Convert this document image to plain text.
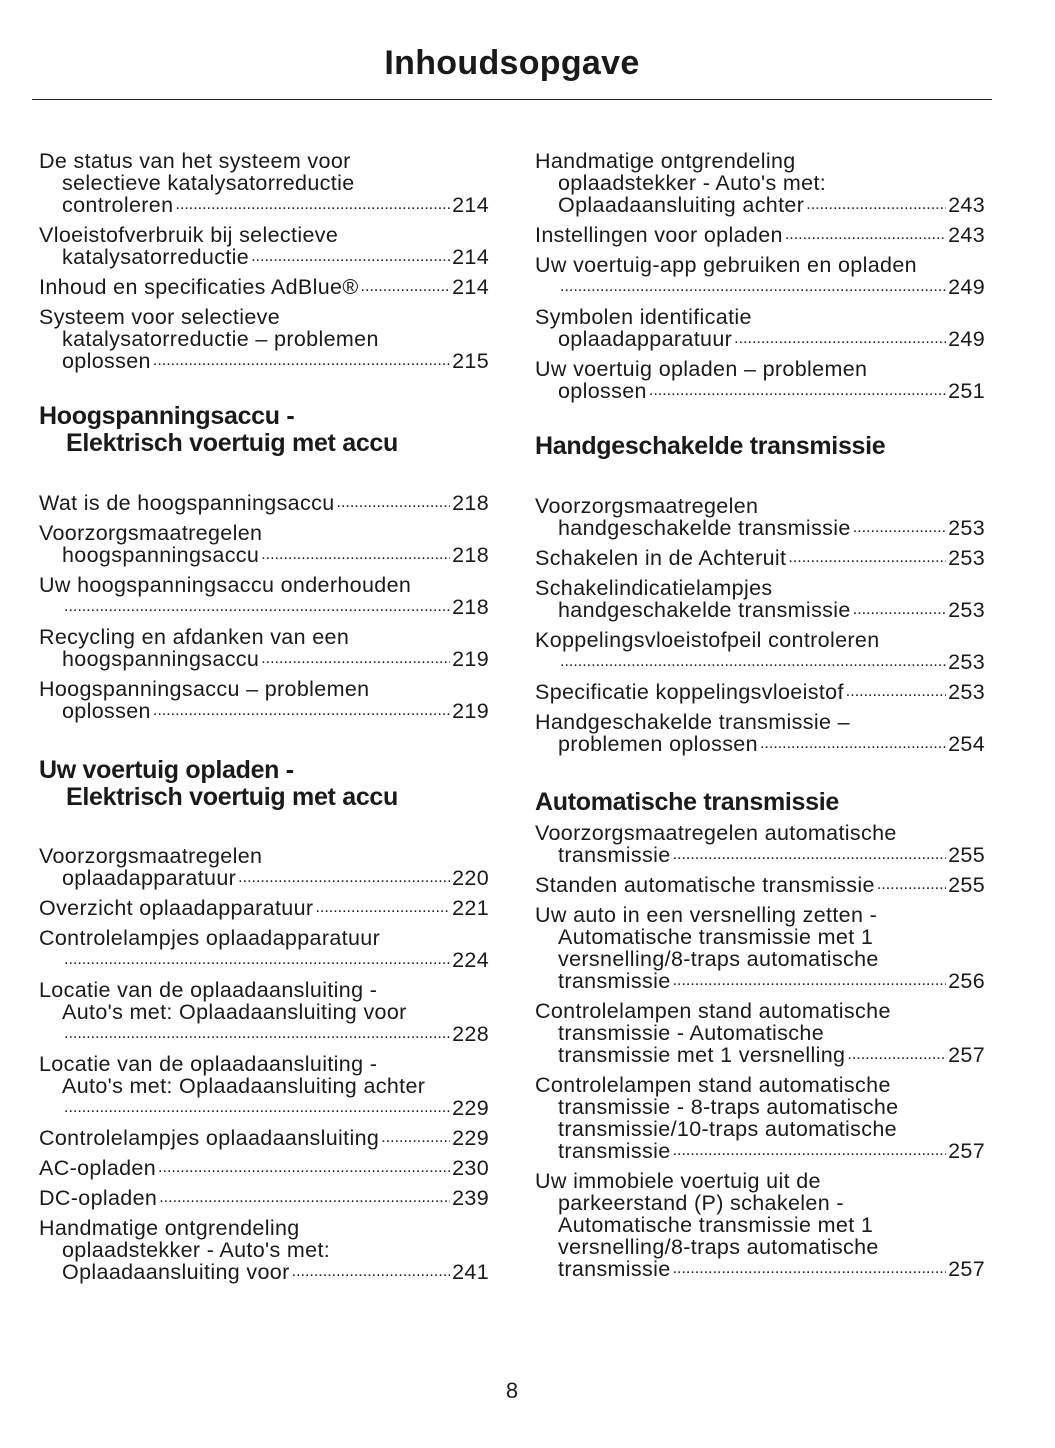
Inhoudsopgave
De status van het systeem voor
selectieve katalysatorreductie
controleren .....	214
Vloeistofverbruik bij selectieve
katalysatorreductie .....	214
Inhoud en specificaties AdBlue® .....	214
Systeem voor selectieve
katalysatorreductie – problemen
oplossen .....	215
Hoogspanningsaccu -
Elektrisch voertuig met accu
Wat is de hoogspanningsaccu .....	218
Voorzorgsmaatregelen
hoogspanningsaccu .....	218
Uw hoogspanningsaccu onderhouden
.....
218
Recycling en afdanken van een
hoogspanningsaccu .....	219
Hoogspanningsaccu – problemen
oplossen .....	219
Uw voertuig opladen -
Elektrisch voertuig met accu
Voorzorgsmaatregelen
oplaadapparatuur .....	220
Overzicht oplaadapparatuur .....	221
Controlelampjes oplaadapparatuur
.....
224
Locatie van de oplaadaansluiting -
Auto's met: Oplaadaansluiting voor
.....
228
Locatie van de oplaadaansluiting -
Auto's met: Oplaadaansluiting achter
.....
229
Controlelampjes oplaadaansluiting .....	229
AC-opladen .....	230
DC-opladen .....	239
Handmatige ontgrendeling
oplaadstekker - Auto's met:
Oplaadaansluiting voor .....	241
Handmatige ontgrendeling
oplaadstekker - Auto's met:
Oplaadaansluiting achter .....	243
Instellingen voor opladen .....	243
Uw voertuig-app gebruiken en opladen
.....
249
Symbolen identificatie
oplaadapparatuur .....	249
Uw voertuig opladen – problemen
oplossen .....	251
Handgeschakelde transmissie
Voorzorgsmaatregelen
handgeschakelde transmissie .....	253
Schakelen in de Achteruit .....	253
Schakelindicatielampjes
handgeschakelde transmissie .....	253
Koppelingsvloeistofpeil controleren
.....
253
Specificatie koppelingsvloeistof .....	253
Handgeschakelde transmissie –
problemen oplossen .....	254
Automatische transmissie
Voorzorgsmaatregelen automatische
transmissie .....	255
Standen automatische transmissie .....	255
Uw auto in een versnelling zetten -
Automatische transmissie met 1
versnelling/8-traps automatische
transmissie .....	256
Controlelampen stand automatische
transmissie - Automatische
transmissie met 1 versnelling .....	257
Controlelampen stand automatische
transmissie - 8-traps automatische
transmissie/10-traps automatische
transmissie .....	257
Uw immobiele voertuig uit de
parkeerstand (P) schakelen -
Automatische transmissie met 1
versnelling/8-traps automatische
transmissie .....	257
8
